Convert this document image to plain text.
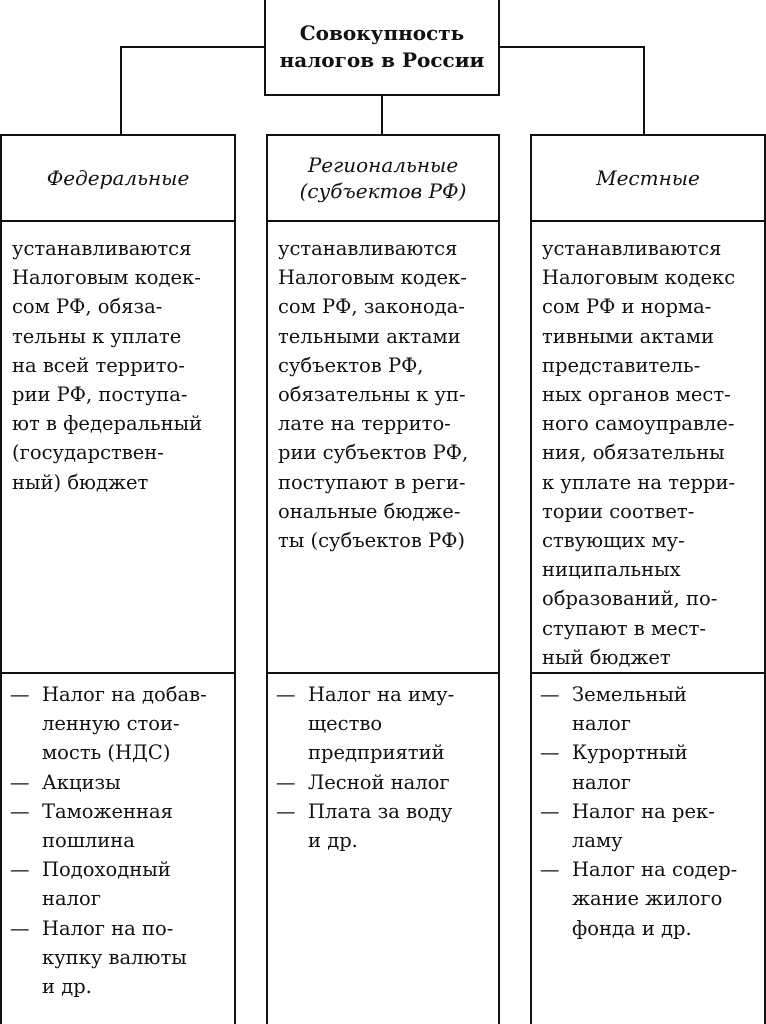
Совокупность
налогов в России
Федеральные
устанавливаются
Налоговым кодек-
сом РФ, обяза-
тельны к уплате
на всей террито-
рии РФ, поступа-
ют в федеральный
(государствен-
ный) бюджет
— Налог на добав-
ленную стои-
мость (НДС)
— Акцизы
— Таможенная
пошлина
— Подоходный
налог
— Налог на по-
купку валюты
и др.
Региональные
(субъектов РФ)
устанавливаются
Налоговым кодек-
сом РФ, законода-
тельными актами
субъектов РФ,
обязательны к уп-
лате на террито-
рии субъектов РФ,
поступают в реги-
ональные бюдже-
ты (субъектов РФ)
— Налог на иму-
щество
предприятий
— Лесной налог
— Плата за воду
и др.
Местные
устанавливаются
Налоговым кодекс
сом РФ и норма-
тивными актами
представитель-
ных органов мест-
ного самоуправле-
ния, обязательны
к уплате на терри-
тории соответ-
ствующих му-
ниципальных
образований, по-
ступают в мест-
ный бюджет
— Земельный
налог
— Курортный
налог
— Налог на рек-
ламу
— Налог на содер-
жание жилого
фонда и др.
